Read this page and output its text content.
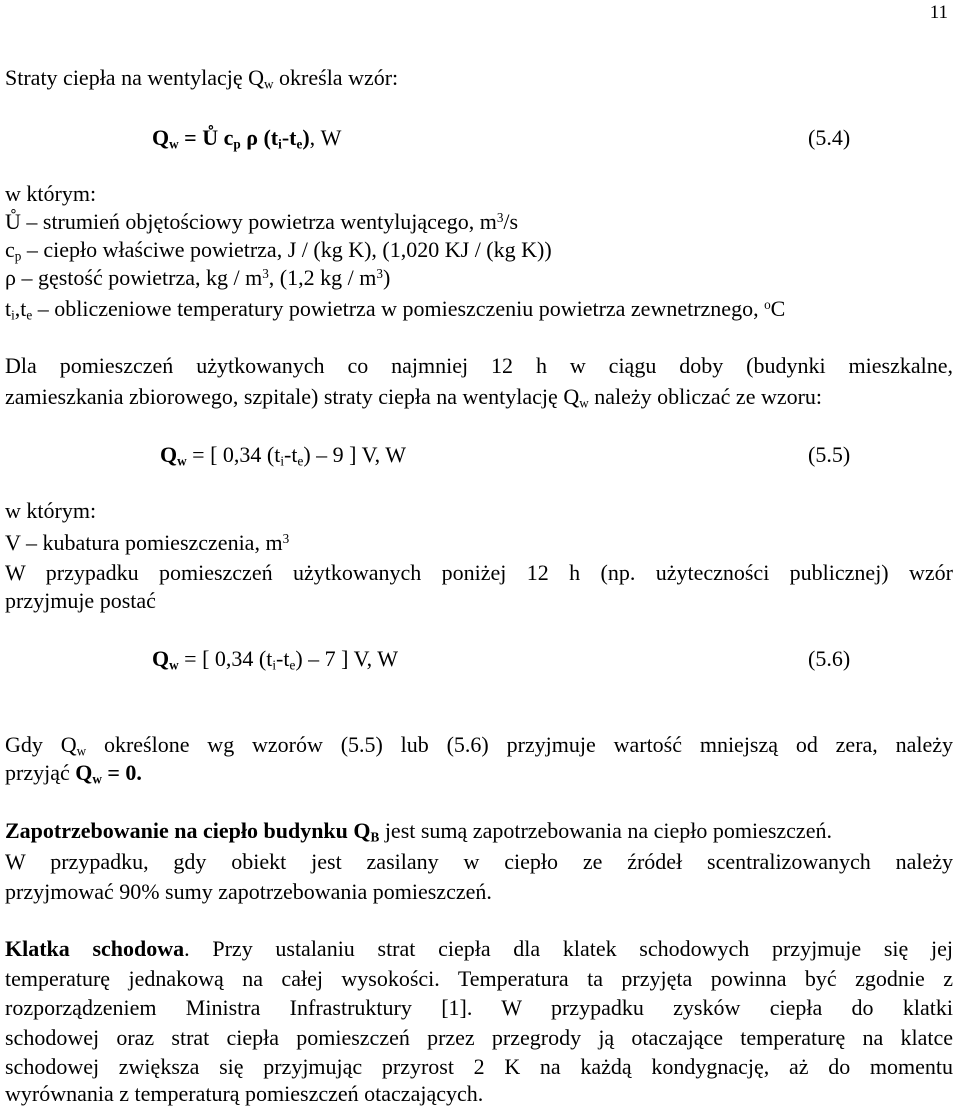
11
Straty ciepła na wentylację $Q_w$ określa wzór:
$Q_w$ = Ů $c_p$ ρ $(t_i-t_e)$, W	(5.4)
w którym:
Ů – strumień objętościowy powietrza wentylującego, $m^3/s$
$c_p$ – ciepło właściwe powietrza, J / (kg K), (1,020 KJ / (kg K))
ρ – gęstość powietrza, kg / $m^3$, (1,2 kg / $m^3$)
$t_i,t_e$ – obliczeniowe temperatury powietrza w pomieszczeniu powietrza zewnetrznego, $^o$C
Dla pomieszczeń użytkowanych co najmniej 12 h w ciągu doby (budynki mieszkalne,
zamieszkania zbiorowego, szpitale) straty ciepła na wentylację $Q_w$ należy obliczać ze wzoru:
$Q_w$ = [ 0,34 $(t_i-t_e) - 9$ ] V, W	(5.5)
w którym:
V – kubatura pomieszczenia, $m^3$
W przypadku pomieszczeń użytkowanych poniżej 12 h (np. użyteczności publicznej) wzór
przyjmuje postać
$Q_w$ = [ 0,34 $(t_i-t_e) - 7$ ] V, W	(5.6)
Gdy $Q_w$ określone wg wzorów (5.5) lub (5.6) przyjmuje wartość mniejszą od zera, należy
przyjąć $Q_w = 0$.
Zapotrzebowanie na ciepło budynku $Q_B$ jest sumą zapotrzebowania na ciepło pomieszczeń.
W przypadku, gdy obiekt jest zasilany w ciepło ze źródeł scentralizowanych należy
przyjmować 90% sumy zapotrzebowania pomieszczeń.
Klatka schodowa. Przy ustalaniu strat ciepła dla klatek schodowych przyjmuje się jej
temperaturę jednakową na całej wysokości. Temperatura ta przyjęta powinna być zgodnie z
rozporządzeniem Ministra Infrastruktury [1]. W przypadku zysków ciepła do klatki
schodowej oraz strat ciepła pomieszczeń przez przegrody ją otaczające temperaturę na klatce
schodowej zwiększa się przyjmując przyrost 2 K na każdą kondygnację, aż do momentu
wyrównania z temperaturą pomieszczeń otaczających.
